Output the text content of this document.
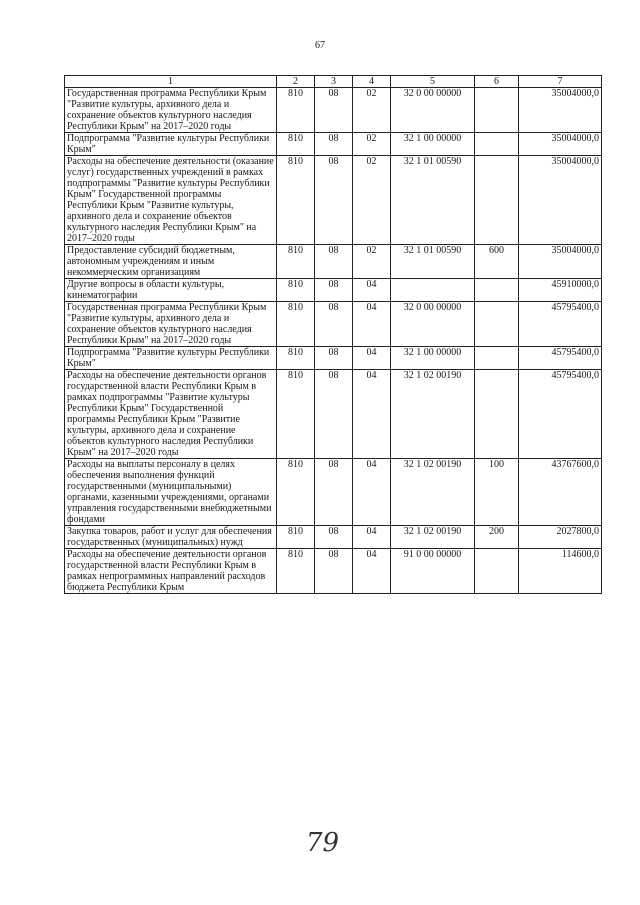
67
1	2	3	4	5	6	7
Государственная программа Республики Крым "Развитие культуры, архивного дела и сохранение объектов культурного наследия Республики Крым" на 2017–2020 годы	810	08	02	32 0 00 00000		35004000,0
Подпрограмма "Развитие культуры Республики Крым"	810	08	02	32 1 00 00000		35004000,0
Расходы на обеспечение деятельности (оказание услуг) государственных учреждений в рамках подпрограммы "Развитие культуры Республики Крым" Государственной программы Республики Крым "Развитие культуры, архивного дела и сохранение объектов культурного наследия Республики Крым" на 2017–2020 годы	810	08	02	32 1 01 00590		35004000,0
Предоставление субсидий бюджетным, автономным учреждениям и иным некоммерческим организациям	810	08	02	32 1 01 00590	600	35004000,0
Другие вопросы в области культуры, кинематографии	810	08	04			45910000,0
Государственная программа Республики Крым "Развитие культуры, архивного дела и сохранение объектов культурного наследия Республики Крым" на 2017–2020 годы	810	08	04	32 0 00 00000		45795400,0
Подпрограмма "Развитие культуры Республики Крым"	810	08	04	32 1 00 00000		45795400,0
Расходы на обеспечение деятельности органов государственной власти Республики Крым в рамках подпрограммы "Развитие культуры Республики Крым" Государственной программы Республики Крым "Развитие культуры, архивного дела и сохранение объектов культурного наследия Республики Крым" на 2017–2020 годы	810	08	04	32 1 02 00190		45795400,0
Расходы на выплаты персоналу в целях обеспечения выполнения функций государственными (муниципальными) органами, казенными учреждениями, органами управления государственными внебюджетными фондами	810	08	04	32 1 02 00190	100	43767600,0
Закупка товаров, работ и услуг для обеспечения государственных (муниципальных) нужд	810	08	04	32 1 02 00190	200	2027800,0
Расходы на обеспечение деятельности органов государственной власти Республики Крым в рамках непрограммных направлений расходов бюджета Республики Крым	810	08	04	91 0 00 00000		114600,0
79
